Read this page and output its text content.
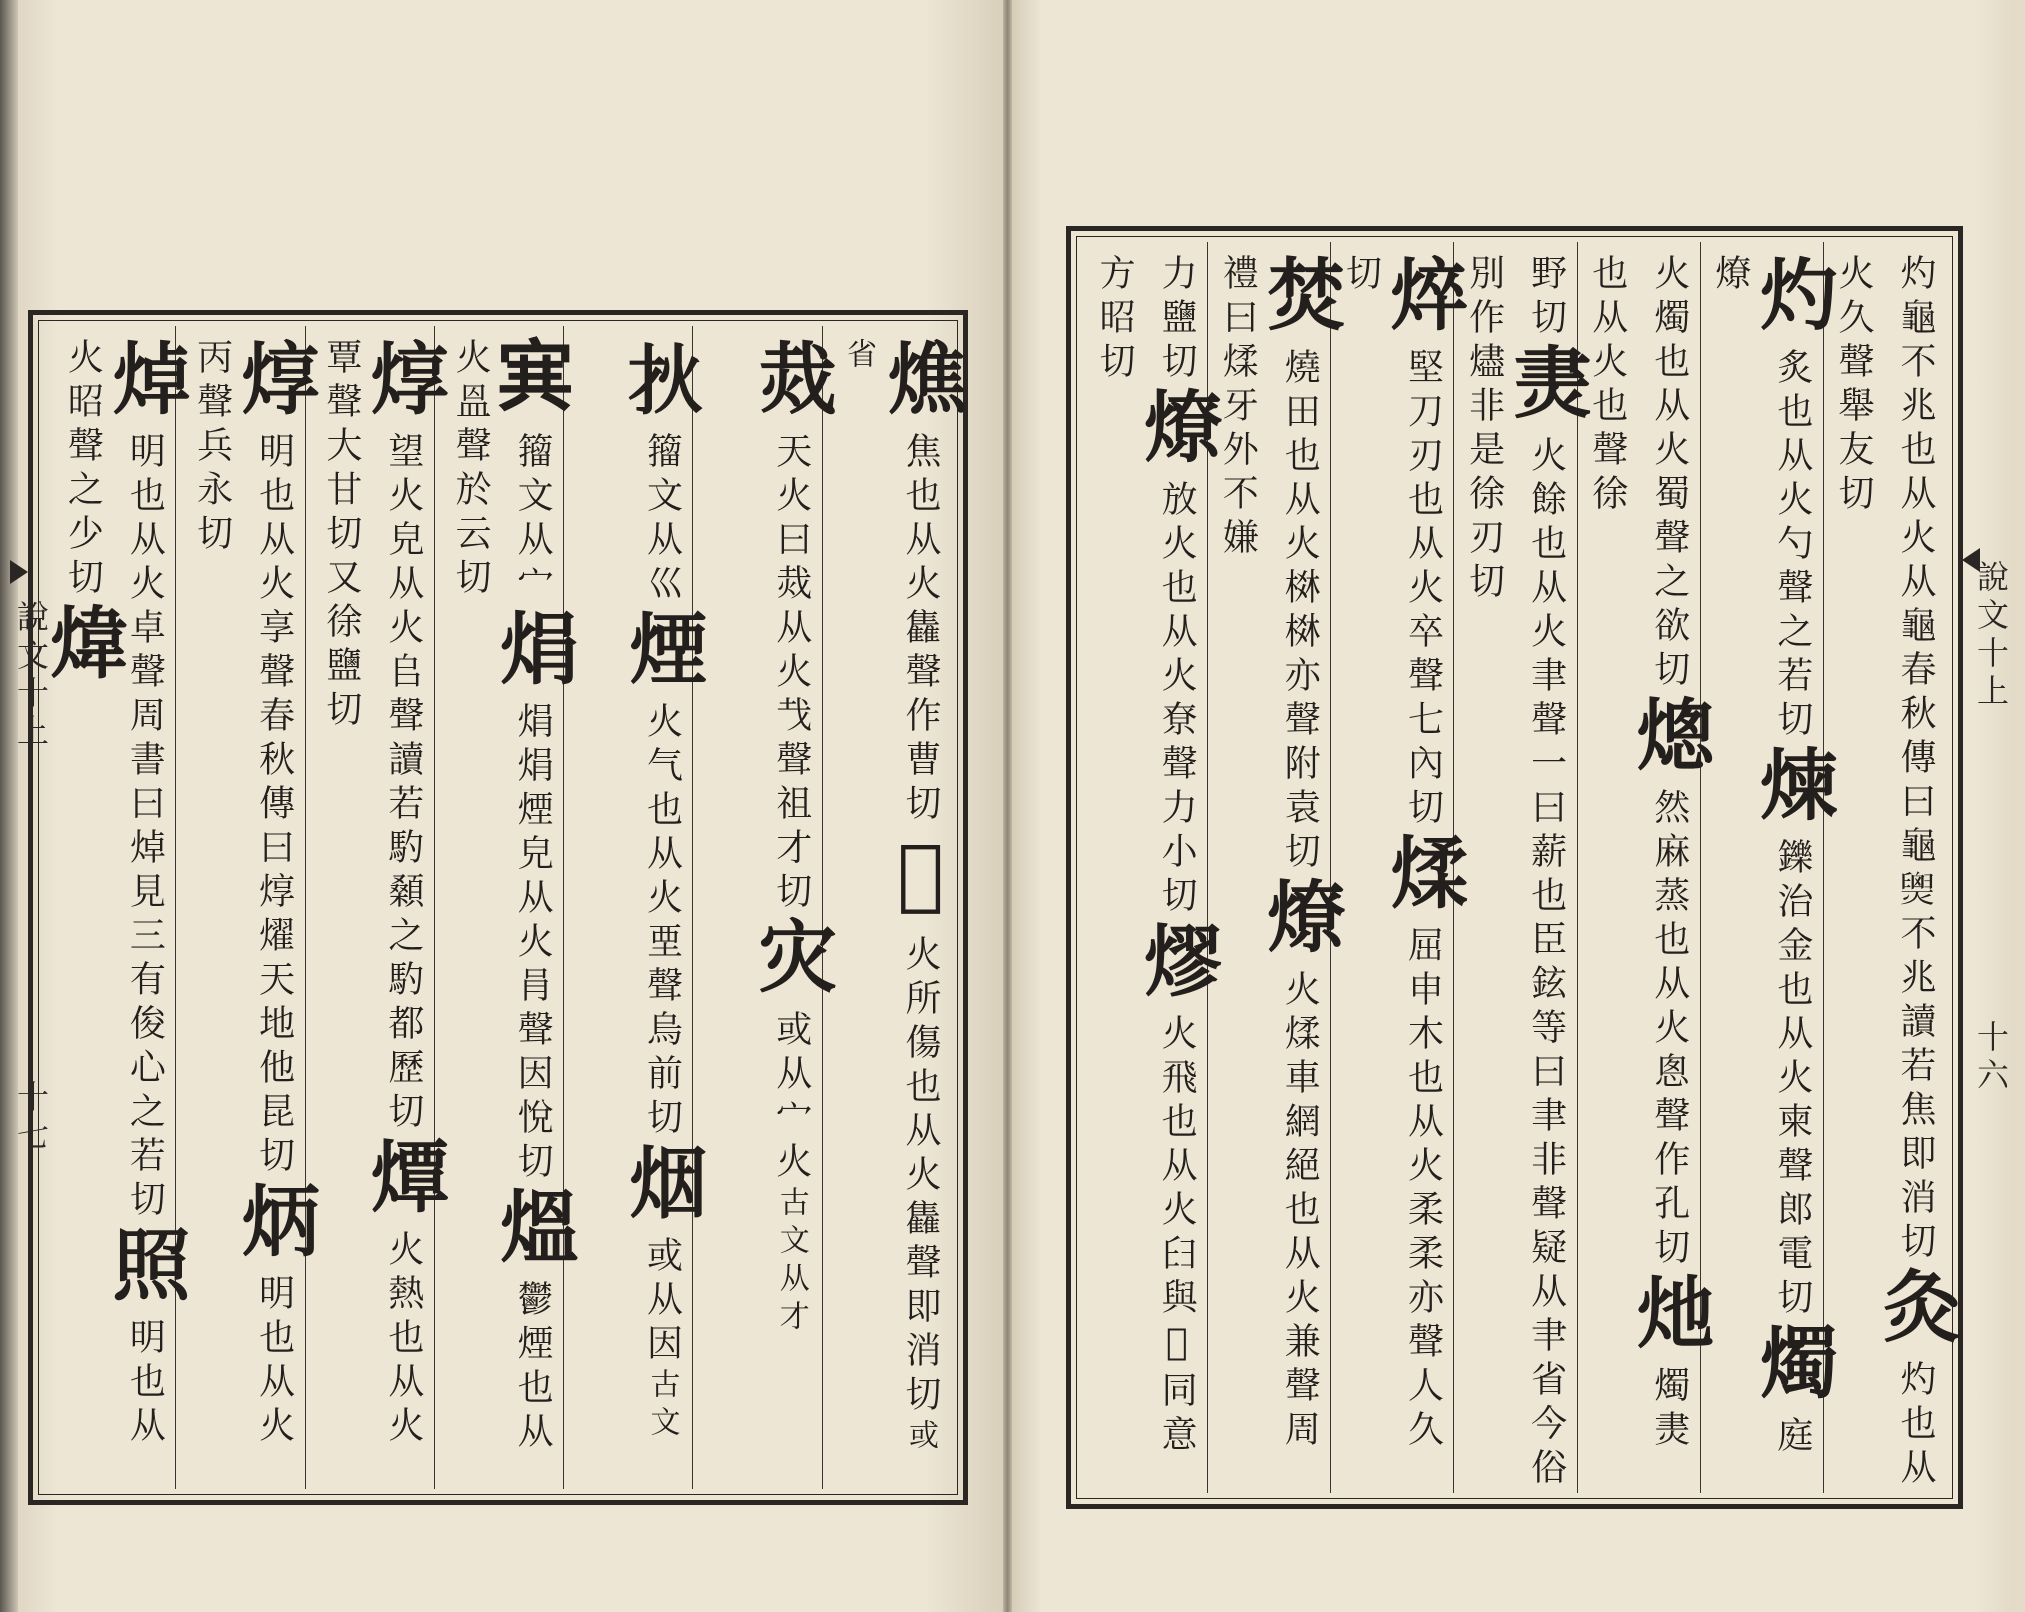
燋焦也从火雥聲作曹切𤍽火所傷也从火雥聲即消切或省
烖天火曰烖从火𢦏聲祖才切灾或从宀火古文从才
𤆎籀文从巛煙火气也从火垔聲烏前切烟或从因古文
𡨄籀文从宀焆焆焆煙皃从火肙聲因悅切熅鬱煙也从火𥁕聲於云切
焞望火皃从火𠂤聲讀若馰顙之馰都歷切燂火熱也从火覃聲大甘切又徐鹽切
焞明也从火享聲春秋傳曰焞燿天地他昆切炳明也从火丙聲兵永切
焯明也从火卓聲周書曰焯見三有俊心之若切照明也从火昭聲之少切煒
說文十上
十七	灼龜不兆也从火从龜春秋傳曰龜𤐫不兆讀若焦即消切灸灼也从火久聲舉友切
灼炙也从火勺聲之若切煉鑠治金也从火柬聲郎電切燭庭燎
火燭也从火蜀聲之欲切熜然麻蒸也从火悤聲作孔切灺燭㶳也从火也聲徐
野切㶳火餘也从火聿聲一曰薪也臣鉉等曰聿非聲疑从𦘒省今俗別作燼非是徐刃切
焠堅刀刃也从火卒聲七內切煣屈申木也从火柔柔亦聲人久切
焚燒田也从火棥棥亦聲附袁切燎火煣車網絕也从火兼聲周禮曰煣牙外不嫌
力鹽切燎放火也从火尞聲力小切熮火飛也从火𦥑與𤍽同意方昭切
說文十上
十六
